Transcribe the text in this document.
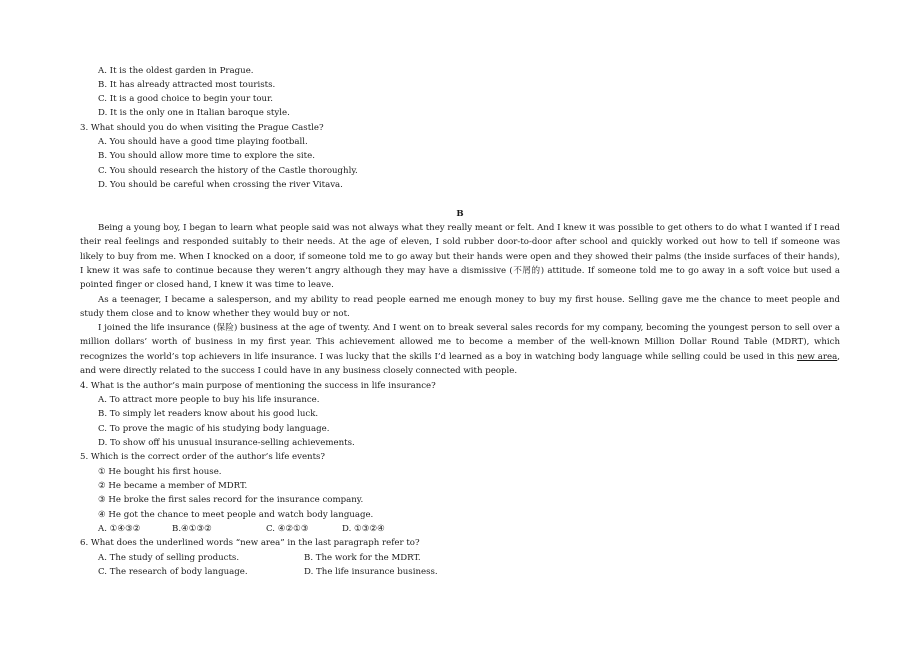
A. It is the oldest garden in Prague.
B. It has already attracted most tourists.
C. It is a good choice to begin your tour.
D. It is the only one in Italian baroque style.
3. What should you do when visiting the Prague Castle?
A. You should have a good time playing football.
B. You should allow more time to explore the site.
C. You should research the history of the Castle thoroughly.
D. You should be careful when crossing the river Vitava.
B
Being a young boy, I began to learn what people said was not always what they really meant or felt. And I knew it was possible to get others to do what I wanted if I read their real feelings and responded suitably to their needs. At the age of eleven, I sold rubber door-to-door after school and quickly worked out how to tell if someone was likely to buy from me. When I knocked on a door, if someone told me to go away but their hands were open and they showed their palms (the inside surfaces of their hands), I knew it was safe to continue because they weren’t angry although they may have a dismissive (不屑的) attitude. If someone told me to go away in a soft voice but used a pointed finger or closed hand, I knew it was time to leave.
As a teenager, I became a salesperson, and my ability to read people earned me enough money to buy my first house. Selling gave me the chance to meet people and study them close and to know whether they would buy or not.
I joined the life insurance (保险) business at the age of twenty. And I went on to break several sales records for my company, becoming the youngest person to sell over a million dollars’ worth of business in my first year. This achievement allowed me to become a member of the well-known Million Dollar Round Table (MDRT), which recognizes the world’s top achievers in life insurance. I was lucky that the skills I’d learned as a boy in watching body language while selling could be used in this new area, and were directly related to the success I could have in any business closely connected with people.
4. What is the author’s main purpose of mentioning the success in life insurance?
A. To attract more people to buy his life insurance.
B. To simply let readers know about his good luck.
C. To prove the magic of his studying body language.
D. To show off his unusual insurance-selling achievements.
5. Which is the correct order of the author’s life events?
① He bought his first house.
② He became a member of MDRT.
③ He broke the first sales record for the insurance company.
④ He got the chance to meet people and watch body language.
A. ①④③②	B.④①③②	C. ④②①③	D. ①③②④
6. What does the underlined words “new area” in the last paragraph refer to?
A. The study of selling products.	B. The work for the MDRT.
C. The research of body language.	D. The life insurance business.
